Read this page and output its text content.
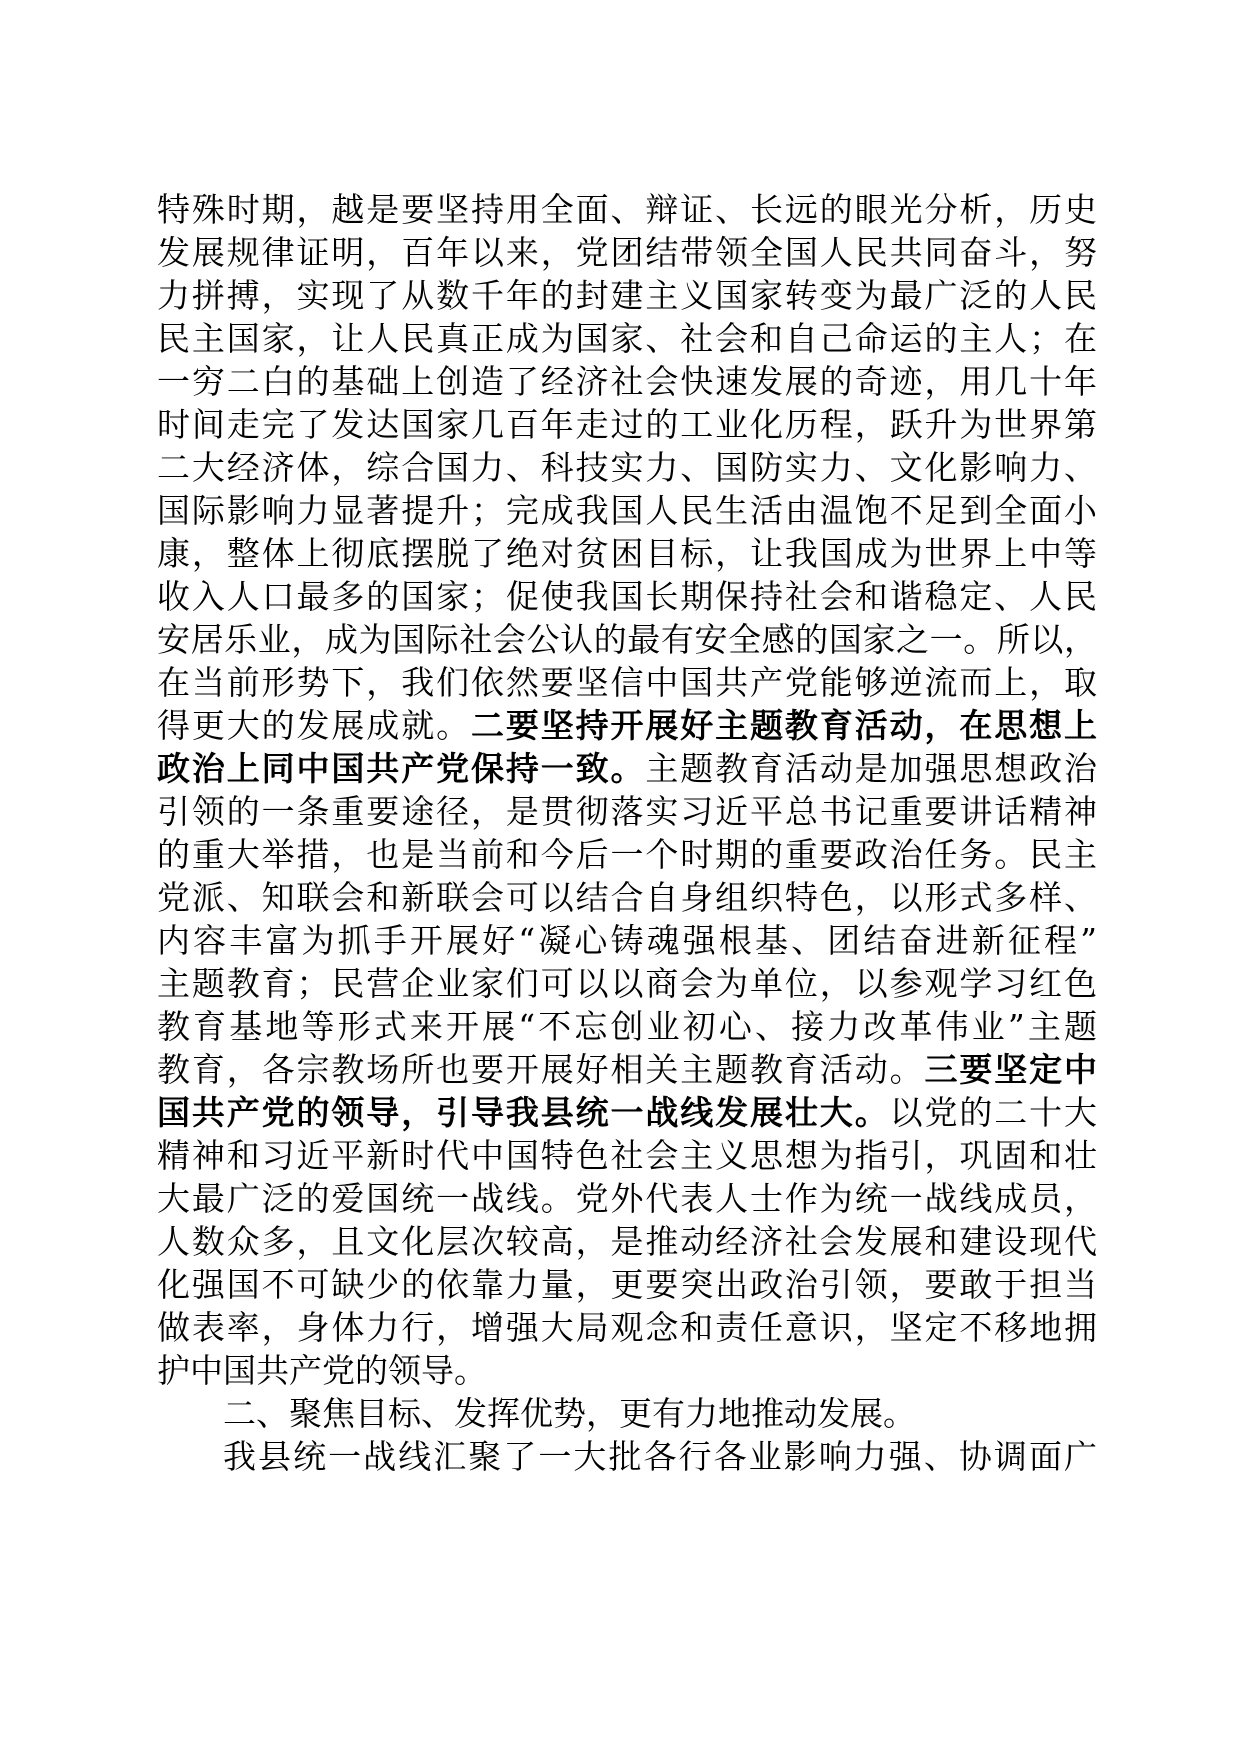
特殊时期，越是要坚持用全面、辩证、长远的眼光分析，历史
发展规律证明，百年以来，党团结带领全国人民共同奋斗，努
力拼搏，实现了从数千年的封建主义国家转变为最广泛的人民
民主国家，让人民真正成为国家、社会和自己命运的主人；在
一穷二白的基础上创造了经济社会快速发展的奇迹，用几十年
时间走完了发达国家几百年走过的工业化历程，跃升为世界第
二大经济体，综合国力、科技实力、国防实力、文化影响力、
国际影响力显著提升；完成我国人民生活由温饱不足到全面小
康，整体上彻底摆脱了绝对贫困目标，让我国成为世界上中等
收入人口最多的国家；促使我国长期保持社会和谐稳定、人民
安居乐业，成为国际社会公认的最有安全感的国家之一。所以，
在当前形势下，我们依然要坚信中国共产党能够逆流而上，取
得更大的发展成就。二要坚持开展好主题教育活动，在思想上
政治上同中国共产党保持一致。主题教育活动是加强思想政治
引领的一条重要途径，是贯彻落实习近平总书记重要讲话精神
的重大举措，也是当前和今后一个时期的重要政治任务。民主
党派、知联会和新联会可以结合自身组织特色，以形式多样、
内容丰富为抓手开展好“凝心铸魂强根基、团结奋进新征程”
主题教育；民营企业家们可以以商会为单位，以参观学习红色
教育基地等形式来开展“不忘创业初心、接力改革伟业”主题
教育，各宗教场所也要开展好相关主题教育活动。三要坚定中
国共产党的领导，引导我县统一战线发展壮大。以党的二十大
精神和习近平新时代中国特色社会主义思想为指引，巩固和壮
大最广泛的爱国统一战线。党外代表人士作为统一战线成员，
人数众多，且文化层次较高，是推动经济社会发展和建设现代
化强国不可缺少的依靠力量，更要突出政治引领，要敢于担当
做表率，身体力行，增强大局观念和责任意识，坚定不移地拥
护中国共产党的领导。
二、聚焦目标、发挥优势，更有力地推动发展。
我县统一战线汇聚了一大批各行各业影响力强、协调面广
